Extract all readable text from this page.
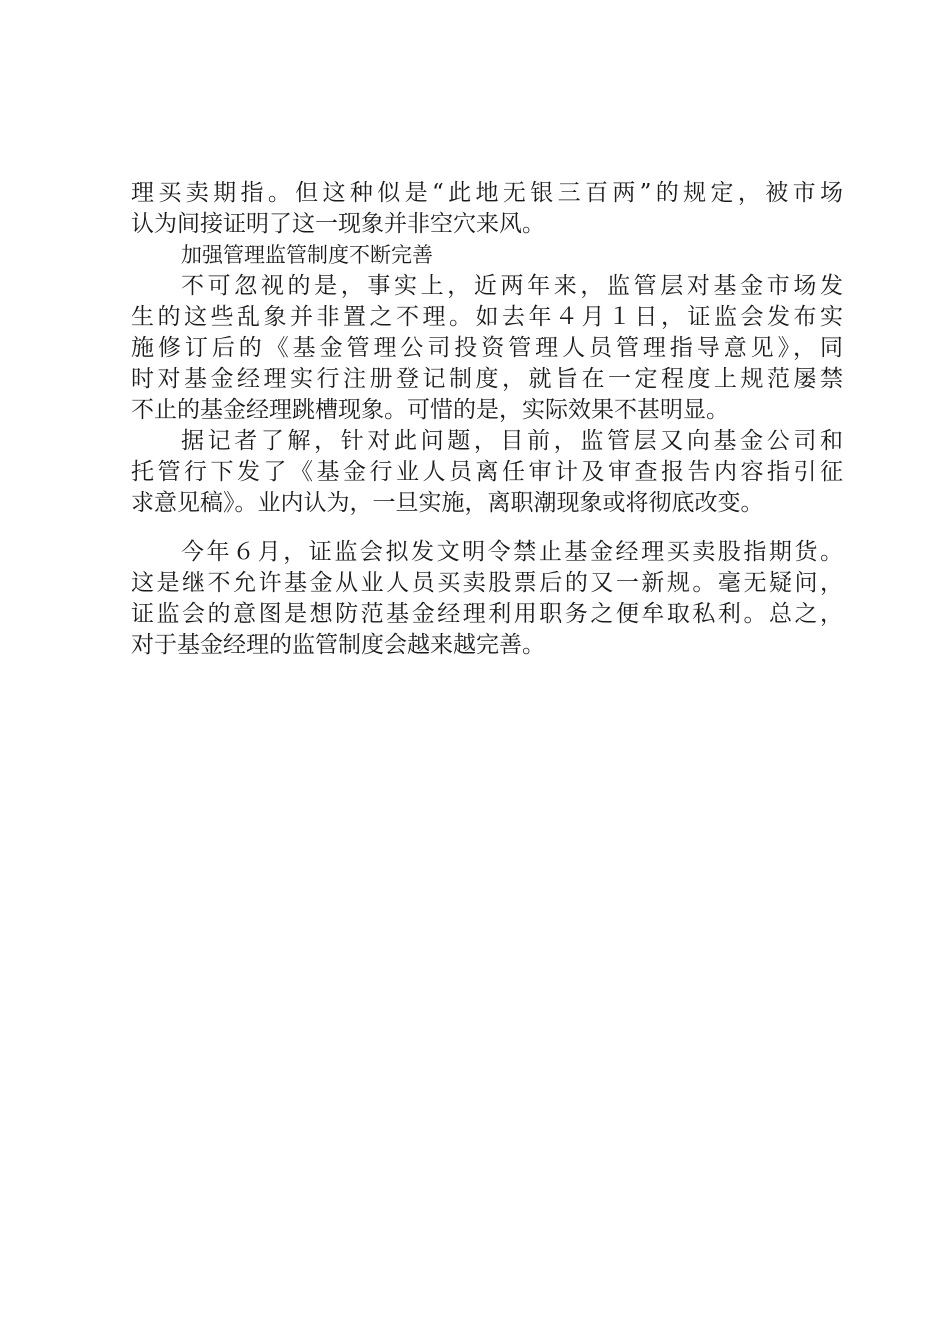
理买卖期指。但这种似是“此地无银三百两”的规定，被市场
认为间接证明了这一现象并非空穴来风。
加强管理监管制度不断完善
不可忽视的是，事实上，近两年来，监管层对基金市场发
生的这些乱象并非置之不理。如去年４月１日，证监会发布实
施修订后的《基金管理公司投资管理人员管理指导意见》，同
时对基金经理实行注册登记制度，就旨在一定程度上规范屡禁
不止的基金经理跳槽现象。可惜的是，实际效果不甚明显。
据记者了解，针对此问题，目前，监管层又向基金公司和
托管行下发了《基金行业人员离任审计及审查报告内容指引征
求意见稿》。业内认为，一旦实施，离职潮现象或将彻底改变。
今年６月，证监会拟发文明令禁止基金经理买卖股指期货。
这是继不允许基金从业人员买卖股票后的又一新规。毫无疑问，
证监会的意图是想防范基金经理利用职务之便牟取私利。总之，
对于基金经理的监管制度会越来越完善。
